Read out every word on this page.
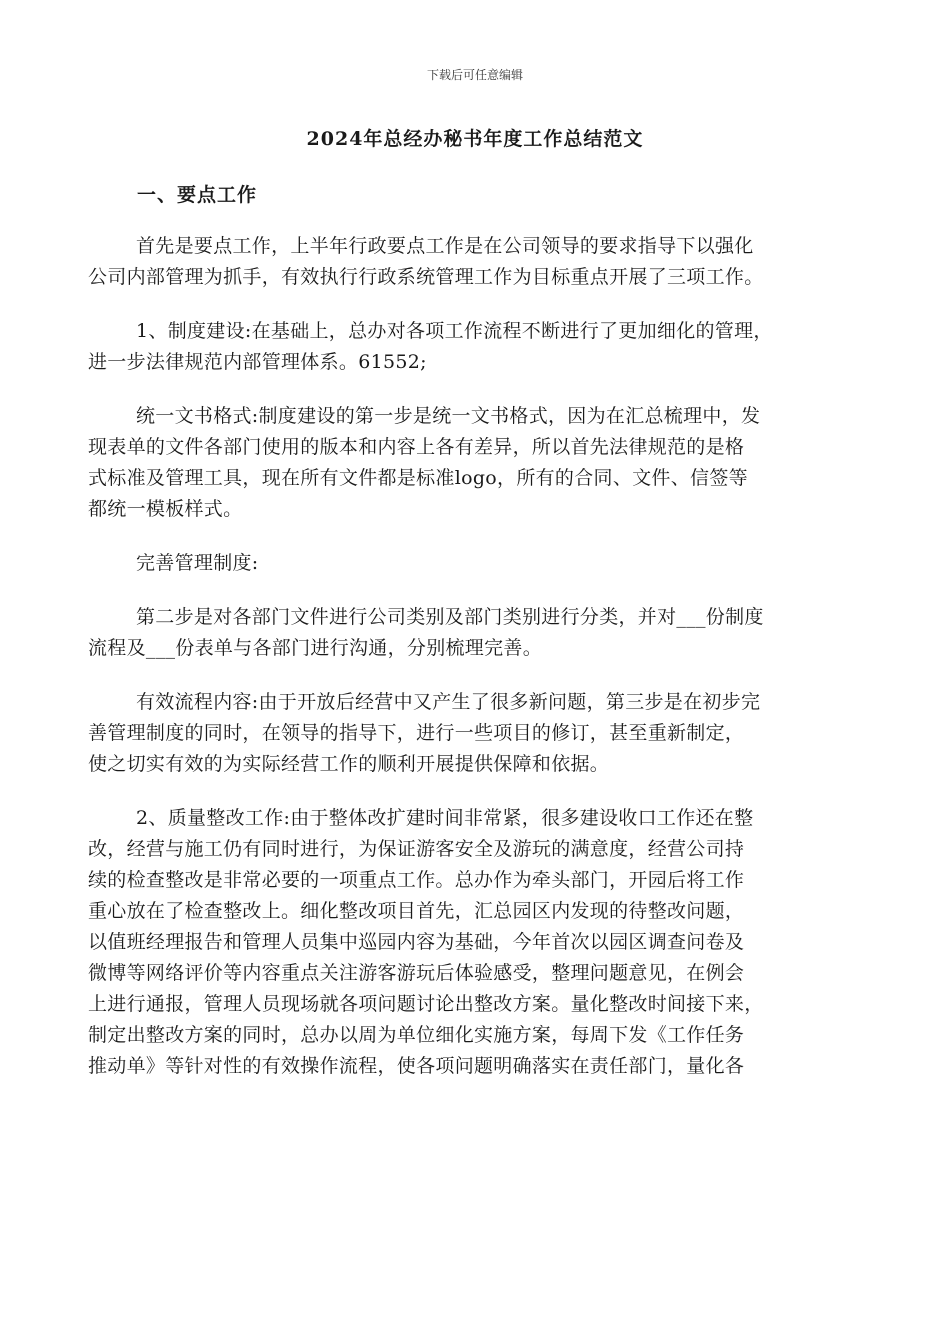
下载后可任意编辑
2024年总经办秘书年度工作总结范文
一、要点工作
首先是要点工作，上半年行政要点工作是在公司领导的要求指导下以强化
公司内部管理为抓手，有效执行行政系统管理工作为目标重点开展了三项工作。
1、制度建设:在基础上，总办对各项工作流程不断进行了更加细化的管理，
进一步法律规范内部管理体系。61552;
统一文书格式:制度建设的第一步是统一文书格式，因为在汇总梳理中，发
现表单的文件各部门使用的版本和内容上各有差异，所以首先法律规范的是格
式标准及管理工具，现在所有文件都是标准logo，所有的合同、文件、信签等
都统一模板样式。
完善管理制度:
第二步是对各部门文件进行公司类别及部门类别进行分类，并对___份制度
流程及___份表单与各部门进行沟通，分别梳理完善。
有效流程内容:由于开放后经营中又产生了很多新问题，第三步是在初步完
善管理制度的同时，在领导的指导下，进行一些项目的修订，甚至重新制定，
使之切实有效的为实际经营工作的顺利开展提供保障和依据。
2、质量整改工作:由于整体改扩建时间非常紧，很多建设收口工作还在整
改，经营与施工仍有同时进行，为保证游客安全及游玩的满意度，经营公司持
续的检查整改是非常必要的一项重点工作。总办作为牵头部门，开园后将工作
重心放在了检查整改上。细化整改项目首先，汇总园区内发现的待整改问题，
以值班经理报告和管理人员集中巡园内容为基础，今年首次以园区调查问卷及
微博等网络评价等内容重点关注游客游玩后体验感受，整理问题意见，在例会
上进行通报，管理人员现场就各项问题讨论出整改方案。量化整改时间接下来，
制定出整改方案的同时，总办以周为单位细化实施方案，每周下发《工作任务
推动单》等针对性的有效操作流程，使各项问题明确落实在责任部门，量化各
